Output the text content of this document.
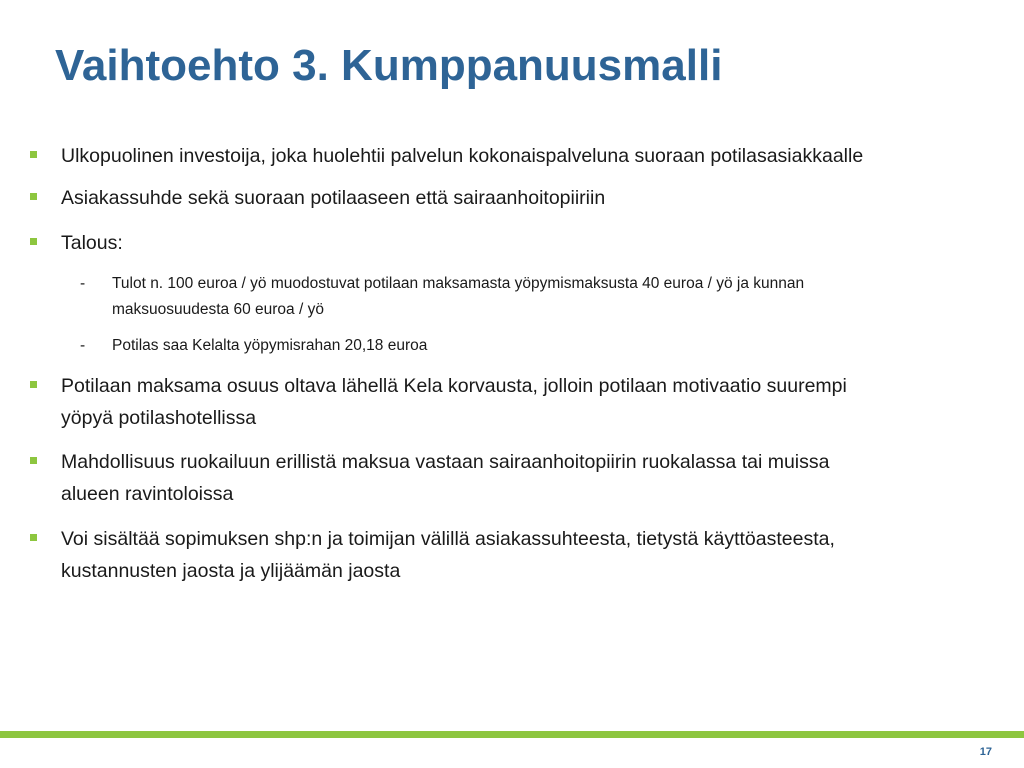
Vaihtoehto 3. Kumppanuusmalli
Ulkopuolinen investoija, joka huolehtii palvelun kokonaispalveluna suoraan potilasasiakkaalle
Asiakassuhde sekä suoraan potilaaseen että sairaanhoitopiiriin
Talous:
- Tulot n. 100 euroa / yö muodostuvat potilaan maksamasta yöpymismaksusta 40 euroa / yö ja kunnan
maksuosuudesta 60 euroa / yö
- Potilas saa Kelalta yöpymisrahan 20,18 euroa
Potilaan maksama osuus oltava lähellä Kela korvausta, jolloin potilaan motivaatio suurempi
yöpyä potilashotellissa
Mahdollisuus ruokailuun erillistä maksua vastaan sairaanhoitopiirin ruokalassa tai muissa
alueen ravintoloissa
Voi sisältää sopimuksen shp:n ja toimijan välillä asiakassuhteesta, tietystä käyttöasteesta,
kustannusten jaosta ja ylijäämän jaosta
17
